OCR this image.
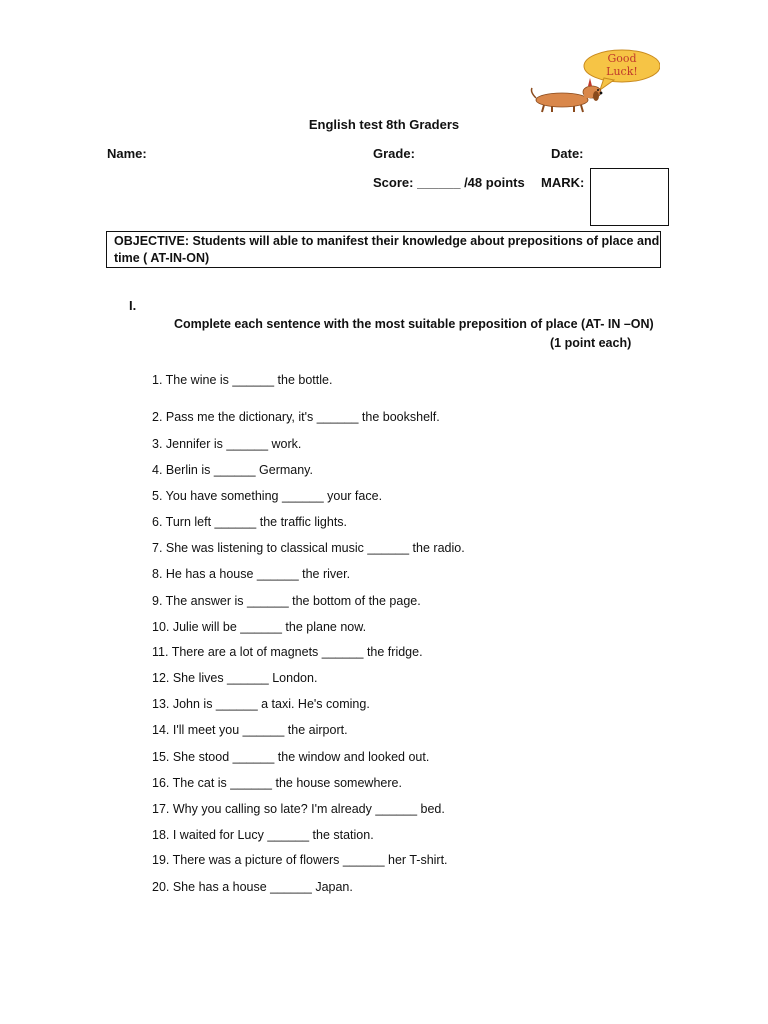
Good
Luck!
English test 8th Graders
Name:	Grade:	Date:
Score: ______ /48 points MARK:
OBJECTIVE: Students will able to manifest their knowledge about prepositions of place and time ( AT-IN-ON)
I.
Complete each sentence with the most suitable preposition of place (AT- IN –ON)
(1 point each)
1. The wine is ______ the bottle.
2. Pass me the dictionary, it's ______ the bookshelf.
3. Jennifer is ______ work.
4. Berlin is ______ Germany.
5. You have something ______ your face.
6. Turn left ______ the traffic lights.
7. She was listening to classical music ______ the radio.
8. He has a house ______ the river.
9. The answer is ______ the bottom of the page.
10. Julie will be ______ the plane now.
11. There are a lot of magnets ______ the fridge.
12. She lives ______ London.
13. John is ______ a taxi. He's coming.
14. I'll meet you ______ the airport.
15. She stood ______ the window and looked out.
16. The cat is ______ the house somewhere.
17. Why you calling so late? I'm already ______ bed.
18. I waited for Lucy ______ the station.
19. There was a picture of flowers ______ her T-shirt.
20. She has a house ______ Japan.
